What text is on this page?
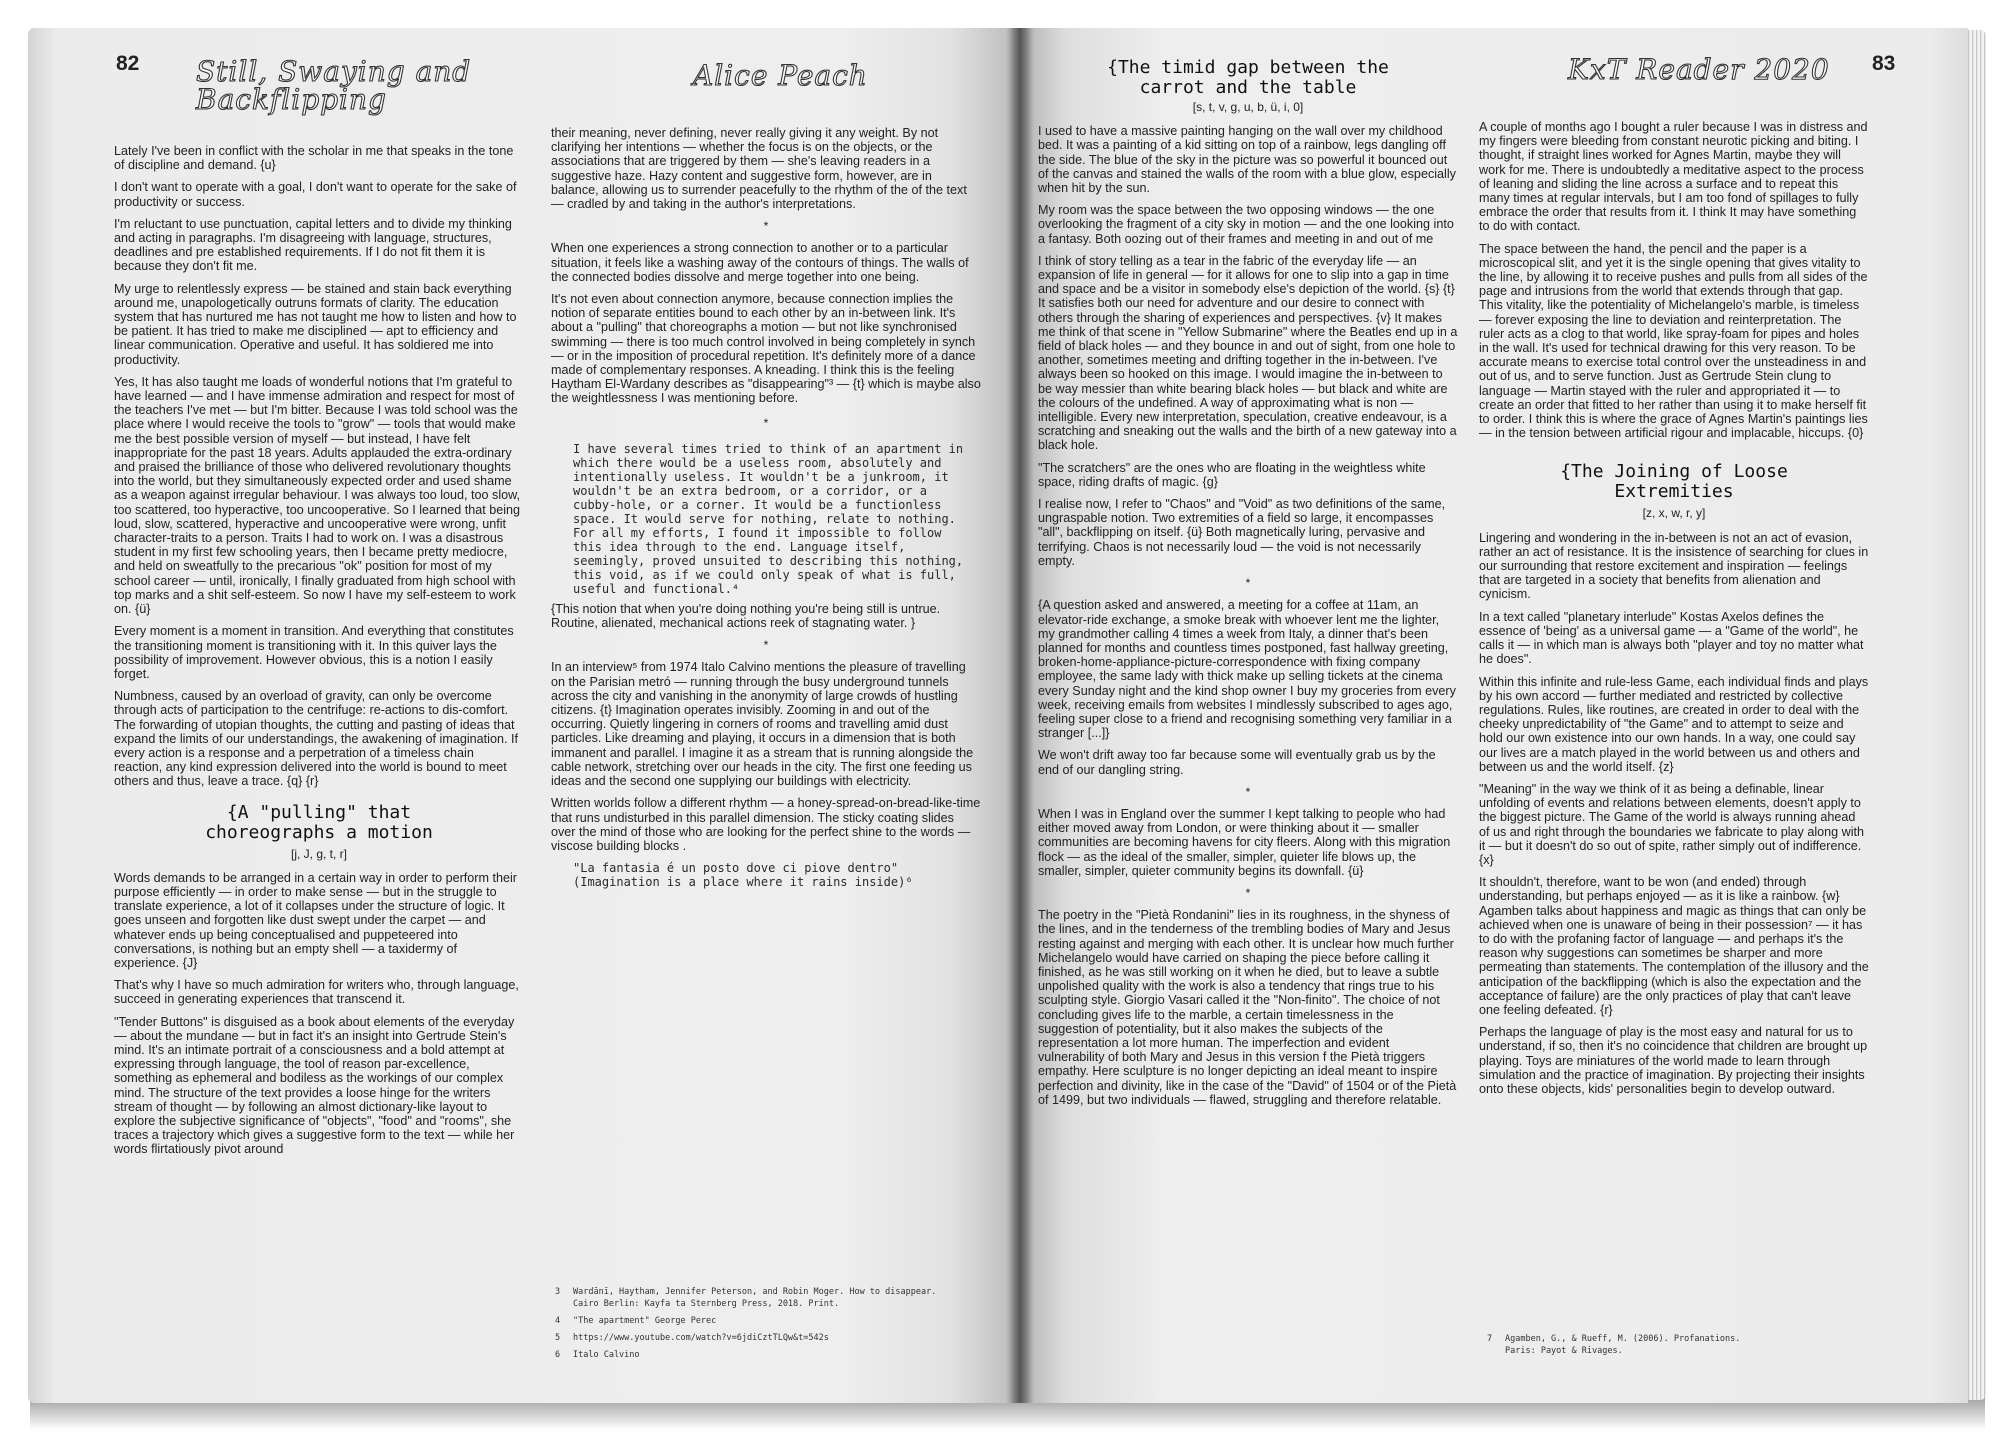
82 Still, Swaying and Backflipping
Alice Peach

Lately I've been in conflict with the scholar in me that speaks in the tone of discipline and demand. {u}

I don't want to operate with a goal, I don't want to operate for the sake of productivity or success.

I'm reluctant to use punctuation, capital letters and to divide my thinking and acting in paragraphs. I'm disagreeing with language, structures, deadlines and pre established requirements. If I do not fit them it is because they don't fit me.

My urge to relentlessly express — be stained and stain back everything around me, unapologetically outruns formats of clarity. The education system that has nurtured me has not taught me how to listen and how to be patient. It has tried to make me disciplined — apt to efficiency and linear communication. Operative and useful. It has soldiered me into productivity.

Yes, It has also taught me loads of wonderful notions that I'm grateful to have learned — and I have immense admiration and respect for most of the teachers I've met — but I'm bitter. Because I was told school was the place where I would receive the tools to "grow" — tools that would make me the best possible version of myself — but instead, I have felt inappropriate for the past 18 years. Adults applauded the extra-ordinary and praised the brilliance of those who delivered revolutionary thoughts into the world, but they simultaneously expected order and used shame as a weapon against irregular behaviour. I was always too loud, too slow, too scattered, too hyperactive, too uncooperative. So I learned that being loud, slow, scattered, hyperactive and uncooperative were wrong, unfit character-traits to a person. Traits I had to work on. I was a disastrous student in my first few schooling years, then I became pretty mediocre, and held on sweatfully to the precarious "ok" position for most of my school career — until, ironically, I finally graduated from high school with top marks and a shit self-esteem. So now I have my self-esteem to work on. {ü}

Every moment is a moment in transition. And everything that constitutes the transitioning moment is transitioning with it. In this quiver lays the possibility of improvement. However obvious, this is a notion I easily forget.

Numbness, caused by an overload of gravity, can only be overcome through acts of participation to the centrifuge: re-actions to dis-comfort. The forwarding of utopian thoughts, the cutting and pasting of ideas that expand the limits of our understandings, the awakening of imagination. If every action is a response and a perpetration of a timeless chain reaction, any kind expression delivered into the world is bound to meet others and thus, leave a trace. {q} {r}

{A "pulling" that choreographs a motion
[j, J, g, t, r]

Words demands to be arranged in a certain way in order to perform their purpose efficiently — in order to make sense — but in the struggle to translate experience, a lot of it collapses under the structure of logic. It goes unseen and forgotten like dust swept under the carpet — and whatever ends up being conceptualised and puppeteered into conversations, is nothing but an empty shell — a taxidermy of experience. {J}

That's why I have so much admiration for writers who, through language, succeed in generating experiences that transcend it.

"Tender Buttons" is disguised as a book about elements of the everyday — about the mundane — but in fact it's an insight into Gertrude Stein's mind. It's an intimate portrait of a consciousness and a bold attempt at expressing through language, the tool of reason par-excellence, something as ephemeral and bodiless as the workings of our complex mind. The structure of the text provides a loose hinge for the writers stream of thought — by following an almost dictionary-like layout to explore the subjective significance of "objects", "food" and "rooms", she traces a trajectory which gives a suggestive form to the text — while her words flirtatiously pivot around

their meaning, never defining, never really giving it any weight. By not clarifying her intentions — whether the focus is on the objects, or the associations that are triggered by them — she's leaving readers in a suggestive haze. Hazy content and suggestive form, however, are in balance, allowing us to surrender peacefully to the rhythm of the of the text — cradled by and taking in the author's interpretations.

*

When one experiences a strong connection to another or to a particular situation, it feels like a washing away of the contours of things. The walls of the connected bodies dissolve and merge together into one being.

It's not even about connection anymore, because connection implies the notion of separate entities bound to each other by an in-between link. It's about a "pulling" that choreographs a motion — but not like synchronised swimming — there is too much control involved in being completely in synch — or in the imposition of procedural repetition. It's definitely more of a dance made of complementary responses. A kneading. I think this is the feeling Haytham El-Wardany describes as "disappearing"³ — {t} which is maybe also the weightlessness I was mentioning before.

*
I have several times tried to think of an apartment in which there would be a useless room, absolutely and intentionally useless. It wouldn't be a junkroom, it wouldn't be an extra bedroom, or a corridor, or a cubby-hole, or a corner. It would be a functionless space. It would serve for nothing, relate to nothing. For all my efforts, I found it impossible to follow this idea through to the end. Language itself, seemingly, proved unsuited to describing this nothing, this void, as if we could only speak of what is full, useful and functional.⁴

{This notion that when you're doing nothing you're being still is untrue. Routine, alienated, mechanical actions reek of stagnating water. }

*

In an interview⁵ from 1974 Italo Calvino mentions the pleasure of travelling on the Parisian metró — running through the busy underground tunnels across the city and vanishing in the anonymity of large crowds of hustling citizens. {t} Imagination operates invisibly. Zooming in and out of the occurring. Quietly lingering in corners of rooms and travelling amid dust particles. Like dreaming and playing, it occurs in a dimension that is both immanent and parallel. I imagine it as a stream that is running alongside the cable network, stretching over our heads in the city. The first one feeding us ideas and the second one supplying our buildings with electricity.

Written worlds follow a different rhythm — a honey-spread-on-bread-like-time that runs undisturbed in this parallel dimension. The sticky coating slides over the mind of those who are looking for the perfect shine to the words — viscose building blocks .

"La fantasia é un posto dove ci piove dentro" (Imagination is a place where it rains inside)⁶
3	Wardānī, Haytham, Jennifer Peterson, and Robin Moger. How to disappear. Cairo Berlin: Kayfa ta Sternberg Press, 2018. Print.
4	"The apartment" George Perec
5	https://www.youtube.com/watch?v=6jdiCztTLQw&t=542s
6	Italo Calvino
83
KxT Reader 2020
{The timid gap between the carrot and the table
[s, t, v, g, u, b, ü, i, 0]

I used to have a massive painting hanging on the wall over my childhood bed. It was a painting of a kid sitting on top of a rainbow, legs dangling off the side. The blue of the sky in the picture was so powerful it bounced out of the canvas and stained the walls of the room with a blue glow, especially when hit by the sun.

My room was the space between the two opposing windows — the one overlooking the fragment of a city sky in motion — and the one looking into a fantasy. Both oozing out of their frames and meeting in and out of me

I think of story telling as a tear in the fabric of the everyday life — an expansion of life in general — for it allows for one to slip into a gap in time and space and be a visitor in somebody else's depiction of the world. {s} {t} It satisfies both our need for adventure and our desire to connect with others through the sharing of experiences and perspectives. {v} It makes me think of that scene in "Yellow Submarine" where the Beatles end up in a field of black holes — and they bounce in and out of sight, from one hole to another, sometimes meeting and drifting together in the in-between. I've always been so hooked on this image. I would imagine the in-between to be way messier than white bearing black holes — but black and white are the colours of the undefined. A way of approximating what is non — intelligible. Every new interpretation, speculation, creative endeavour, is a scratching and sneaking out the walls and the birth of a new gateway into a black hole.

"The scratchers" are the ones who are floating in the weightless white space, riding drafts of magic. {g}

I realise now, I refer to "Chaos" and "Void" as two definitions of the same, ungraspable notion. Two extremities of a field so large, it encompasses "all", backflipping on itself. {ü} Both magnetically luring, pervasive and terrifying. Chaos is not necessarily loud — the void is not necessarily empty.

*

{A question asked and answered, a meeting for a coffee at 11am, an elevator-ride exchange, a smoke break with whoever lent me the lighter, my grandmother calling 4 times a week from Italy, a dinner that's been planned for months and countless times postponed, fast hallway greeting, broken-home-appliance-picture-correspondence with fixing company employee, the same lady with thick make up selling tickets at the cinema every Sunday night and the kind shop owner I buy my groceries from every week, receiving emails from websites I mindlessly subscribed to ages ago, feeling super close to a friend and recognising something very familiar in a stranger [...]}

We won't drift away too far because some will eventually grab us by the end of our dangling string.

*

When I was in England over the summer I kept talking to people who had either moved away from London, or were thinking about it — smaller communities are becoming havens for city fleers. Along with this migration flock — as the ideal of the smaller, simpler, quieter life blows up, the smaller, simpler, quieter community begins its downfall. {ü}

*

The poetry in the "Pietà Rondanini" lies in its roughness, in the shyness of the lines, and in the tenderness of the trembling bodies of Mary and Jesus resting against and merging with each other. It is unclear how much further Michelangelo would have carried on shaping the piece before calling it finished, as he was still working on it when he died, but to leave a subtle unpolished quality with the work is also a tendency that rings true to his sculpting style. Giorgio Vasari called it the "Non-finito". The choice of not concluding gives life to the marble, a certain timelessness in the suggestion of potentiality, but it also makes the subjects of the representation a lot more human. The imperfection and evident vulnerability of both Mary and Jesus in this version f the Pietà triggers empathy. Here sculpture is no longer depicting an ideal meant to inspire perfection and divinity, like in the case of the "David" of 1504 or of the Pietà of 1499, but two individuals — flawed, struggling and therefore relatable.

A couple of months ago I bought a ruler because I was in distress and my fingers were bleeding from constant neurotic picking and biting. I thought, if straight lines worked for Agnes Martin, maybe they will work for me. There is undoubtedly a meditative aspect to the process of leaning and sliding the line across a surface and to repeat this many times at regular intervals, but I am too fond of spillages to fully embrace the order that results from it. I think It may have something to do with contact.

The space between the hand, the pencil and the paper is a microscopical slit, and yet it is the single opening that gives vitality to the line, by allowing it to receive pushes and pulls from all sides of the page and intrusions from the world that extends through that gap. This vitality, like the potentiality of Michelangelo's marble, is timeless — forever exposing the line to deviation and reinterpretation. The ruler acts as a clog to that world, like spray-foam for pipes and holes in the wall. It's used for technical drawing for this very reason. To be accurate means to exercise total control over the unsteadiness in and out of us, and to serve function. Just as Gertrude Stein clung to language — Martin stayed with the ruler and appropriated it — to create an order that fitted to her rather than using it to make herself fit to order. I think this is where the grace of Agnes Martin's paintings lies — in the tension between artificial rigour and implacable, hiccups. {0}

{The Joining of Loose Extremities
[z, x, w, r, y]

Lingering and wondering in the in-between is not an act of evasion, rather an act of resistance. It is the insistence of searching for clues in our surrounding that restore excitement and inspiration — feelings that are targeted in a society that benefits from alienation and cynicism.

In a text called "planetary interlude" Kostas Axelos defines the essence of 'being' as a universal game — a "Game of the world", he calls it — in which man is always both "player and toy no matter what he does".

Within this infinite and rule-less Game, each individual finds and plays by his own accord — further mediated and restricted by collective regulations. Rules, like routines, are created in order to deal with the cheeky unpredictability of "the Game" and to attempt to seize and hold our own existence into our own hands. In a way, one could say our lives are a match played in the world between us and others and between us and the world itself. {z}

"Meaning" in the way we think of it as being a definable, linear unfolding of events and relations between elements, doesn't apply to the biggest picture. The Game of the world is always running ahead of us and right through the boundaries we fabricate to play along with it — but it doesn't do so out of spite, rather simply out of indifference. {x}

It shouldn't, therefore, want to be won (and ended) through understanding, but perhaps enjoyed — as it is like a rainbow. {w} Agamben talks about happiness and magic as things that can only be achieved when one is unaware of being in their possession⁷ — it has to do with the profaning factor of language — and perhaps it's the reason why suggestions can sometimes be sharper and more permeating than statements. The contemplation of the illusory and the anticipation of the backflipping (which is also the expectation and the acceptance of failure) are the only practices of play that can't leave one feeling defeated. {r}

Perhaps the language of play is the most easy and natural for us to understand, if so, then it's no coincidence that children are brought up playing. Toys are miniatures of the world made to learn through simulation and the practice of imagination. By projecting their insights onto these objects, kids' personalities begin to develop outward.

7	Agamben, G., & Rueff, M. (2006). Profanations. Paris: Payot & Rivages.
